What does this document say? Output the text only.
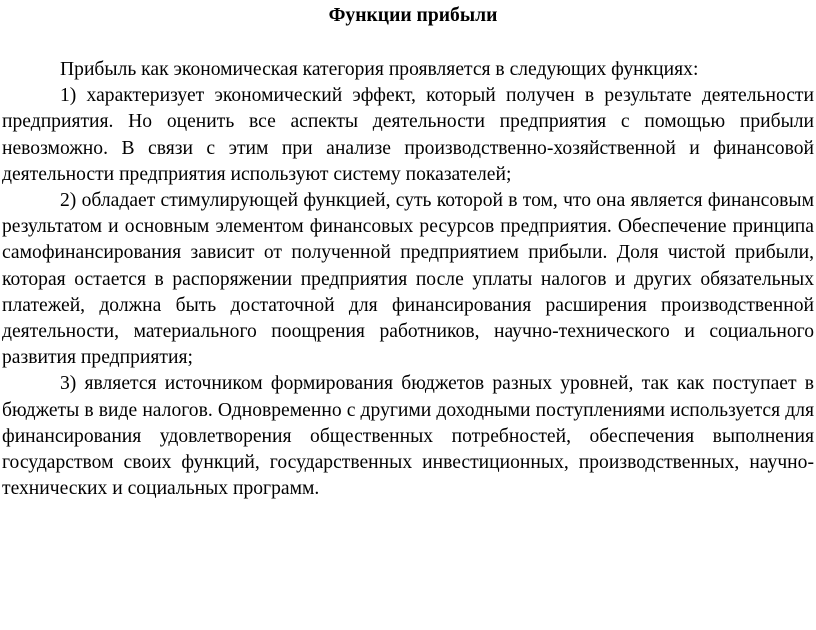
Функции прибыли

Прибыль как экономическая категория проявляется в следующих функциях:

1) характеризует экономический эффект, который получен в результате деятельности предприятия. Но оценить все аспекты деятельности предприятия с помощью прибыли невозможно. В связи с этим при анализе производственно-хозяйственной и финансовой деятельности предприятия используют систему показателей;

2) обладает стимулирующей функцией, суть которой в том, что она является финансовым результатом и основным элементом финансовых ресурсов предприятия. Обеспечение принципа самофинансирования зависит от полученной предприятием прибыли. Доля чистой прибыли, которая остается в распоряжении предприятия после уплаты налогов и других обязательных платежей, должна быть достаточной для финансирования расширения производственной деятельности, материального поощрения работников, научно-технического и социального развития предприятия;

3) является источником формирования бюджетов разных уровней, так как поступает в бюджеты в виде налогов. Одновременно с другими доходными поступлениями используется для финансирования удовлетворения общественных потребностей, обеспечения выполнения государством своих функций, государственных инвестиционных, производственных, научно-технических и социальных программ.
